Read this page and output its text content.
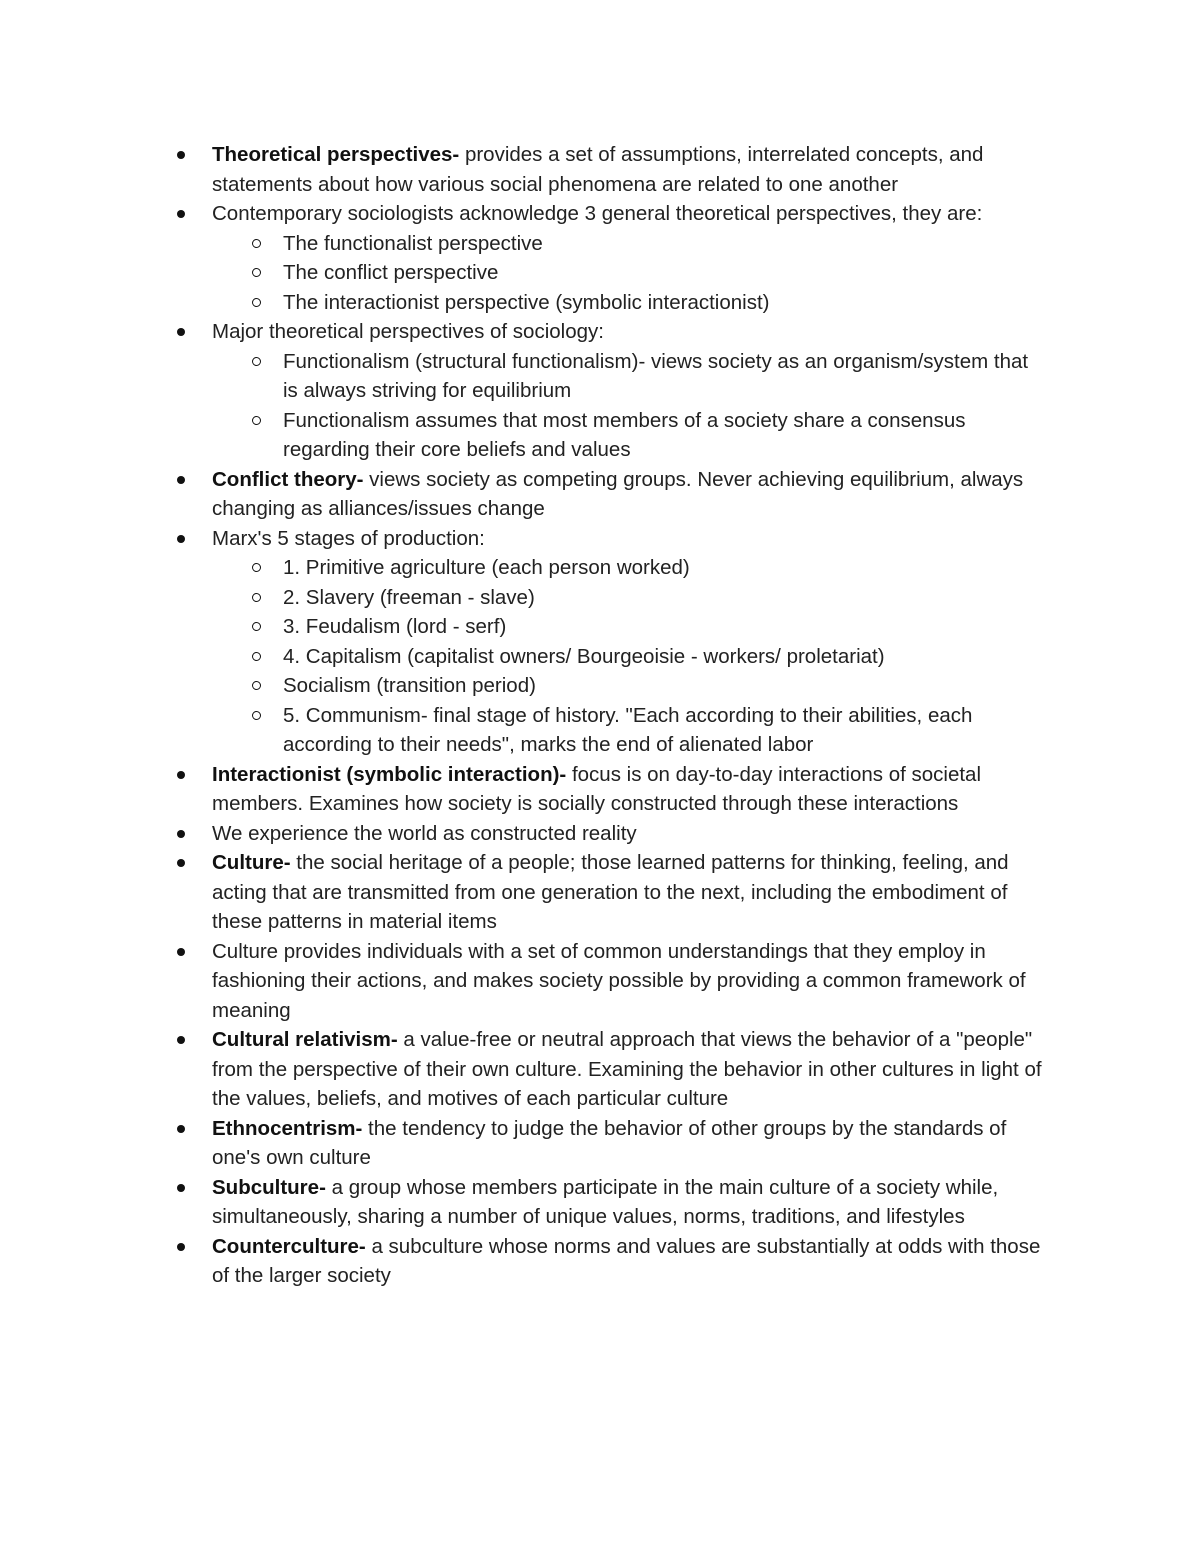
Theoretical perspectives- provides a set of assumptions, interrelated concepts, and statements about how various social phenomena are related to one another
Contemporary sociologists acknowledge 3 general theoretical perspectives, they are:
The functionalist perspective
The conflict perspective
The interactionist perspective (symbolic interactionist)
Major theoretical perspectives of sociology:
Functionalism (structural functionalism)- views society as an organism/system that is always striving for equilibrium
Functionalism assumes that most members of a society share a consensus regarding their core beliefs and values
Conflict theory- views society as competing groups. Never achieving equilibrium, always changing as alliances/issues change
Marx's 5 stages of production:
1. Primitive agriculture (each person worked)
2. Slavery (freeman - slave)
3. Feudalism (lord - serf)
4. Capitalism (capitalist owners/ Bourgeoisie - workers/ proletariat)
Socialism (transition period)
5. Communism- final stage of history. "Each according to their abilities, each according to their needs", marks the end of alienated labor
Interactionist (symbolic interaction)- focus is on day-to-day interactions of societal members. Examines how society is socially constructed through these interactions
We experience the world as constructed reality
Culture- the social heritage of a people; those learned patterns for thinking, feeling, and acting that are transmitted from one generation to the next, including the embodiment of these patterns in material items
Culture provides individuals with a set of common understandings that they employ in fashioning their actions, and makes society possible by providing a common framework of meaning
Cultural relativism- a value-free or neutral approach that views the behavior of a "people" from the perspective of their own culture. Examining the behavior in other cultures in light of the values, beliefs, and motives of each particular culture
Ethnocentrism- the tendency to judge the behavior of other groups by the standards of one's own culture
Subculture- a group whose members participate in the main culture of a society while, simultaneously, sharing a number of unique values, norms, traditions, and lifestyles
Counterculture- a subculture whose norms and values are substantially at odds with those of the larger society
